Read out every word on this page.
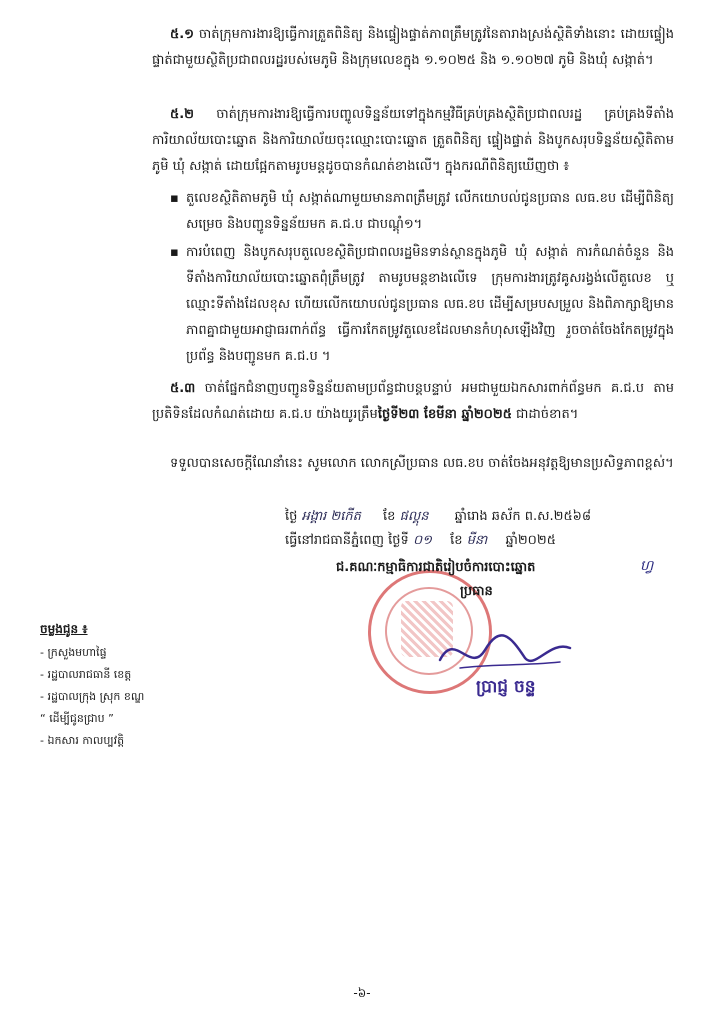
៥.១ ចាត់ក្រុមការងារឱ្យធ្វើការត្រួតពិនិត្យ និងផ្ទៀងផ្ទាត់ភាពត្រឹមត្រូវនៃតារាងស្រង់ស្ថិតិទាំងនោះ ដោយផ្ទៀងផ្ទាត់ជាមួយស្ថិតិប្រជាពលរដ្ឋរបស់មេភូមិ និងក្រុមលេខក្នុង ១.១០២៥ និង ១.១០២៧ ភូមិ និងឃុំ សង្កាត់។
៥.២ ចាត់ក្រុមការងារឱ្យធ្វើការបញ្ចូលទិន្នន័យទៅក្នុងកម្មវិធីគ្រប់គ្រងស្ថិតិប្រជាពលរដ្ឋ គ្រប់គ្រងទីតាំងការិយាល័យបោះឆ្នោត និងការិយាល័យចុះឈ្មោះបោះឆ្នោត ត្រួតពិនិត្យ ផ្ទៀងផ្ទាត់ និងបូកសរុបទិន្នន័យស្ថិតិតាមភូមិ ឃុំ សង្កាត់ ដោយផ្អែកតាមរូបមន្តដូចបានកំណត់ខាងលើ។ ក្នុងករណីពិនិត្យឃើញថា ៖
▪ តួលេខស្ថិតិតាមភូមិ ឃុំ សង្កាត់ណាមួយមានភាពត្រឹមត្រូវ លើកយោបល់ជូនប្រធាន លធ.ខប ដើម្បីពិនិត្យសម្រេច និងបញ្ជូនទិន្នន័យមក គ.ជ.ប ជាបណ្ដុំ១។
▪ ការបំពេញ និងបូកសរុបតួលេខស្ថិតិប្រជាពលរដ្ឋមិនទាន់ស្ថានក្នុងភូមិ ឃុំ សង្កាត់ ការកំណត់ចំនួន និងទីតាំងការិយាល័យបោះឆ្នោតពុំត្រឹមត្រូវ តាមរូបមន្តខាងលើទេ ក្រុមការងារត្រូវគូសរង្វង់លើតួលេខ ឬឈ្មោះទីតាំងដែលខុស ហើយលើកយោបល់ជូនប្រធាន លធ.ខប ដើម្បីសម្របសម្រួល និងពិភាក្សាឱ្យមានភាពគ្នាជាមួយអាជ្ញាធរពាក់ព័ន្ធ ធ្វើការកែតម្រូវតួលេខដែលមានកំហុសឡើងវិញ រួចចាត់ចែងកែតម្រូវក្នុងប្រព័ន្ធ និងបញ្ជូនមក គ.ជ.ប ។
៥.៣ ចាត់ផ្នែកជំនាញបញ្ជូនទិន្នន័យតាមប្រព័ន្ធជាបន្តបន្ទាប់ អមជាមួយឯកសារពាក់ព័ន្ធមក គ.ជ.ប តាមប្រតិទិនដែលកំណត់ដោយ គ.ជ.ប យ៉ាងយូរត្រឹមថ្ងៃទី២៣ ខែមីនា ឆ្នាំ២០២៥ ជាដាច់ខាត។
ទទួលបានសេចក្ដីណែនាំនេះ សូមលោក លោកស្រីប្រធាន លធ.ខប ចាត់ចែងអនុវត្តឱ្យមានប្រសិទ្ធភាពខ្ពស់។
ថ្ងៃ អង្គារ ២កើត ខែ ផល្គុន ឆ្នាំរោង ឆស័ក ព.ស.២៥៦៨
ធ្វើនៅរាជធានីភ្នំពេញ ថ្ងៃទី ០១ ខែ មីនា ឆ្នាំ២០២៥
ជ.គណៈកម្មាធិការជាតិរៀបចំការបោះឆ្នោត	ហ្វ
ប្រធាន
ប្រាជ្ញ ចន្ទ
ចម្លងជូន ៖
- ក្រសួងមហាផ្ទៃ
- រដ្ឋបាលរាជធានី ខេត្ត
- រដ្ឋបាលក្រុង ស្រុក ខណ្ឌ
“ ដើម្បីជូនជ្រាប ”
- ឯកសារ កាលប្បវត្តិ
-៦-
